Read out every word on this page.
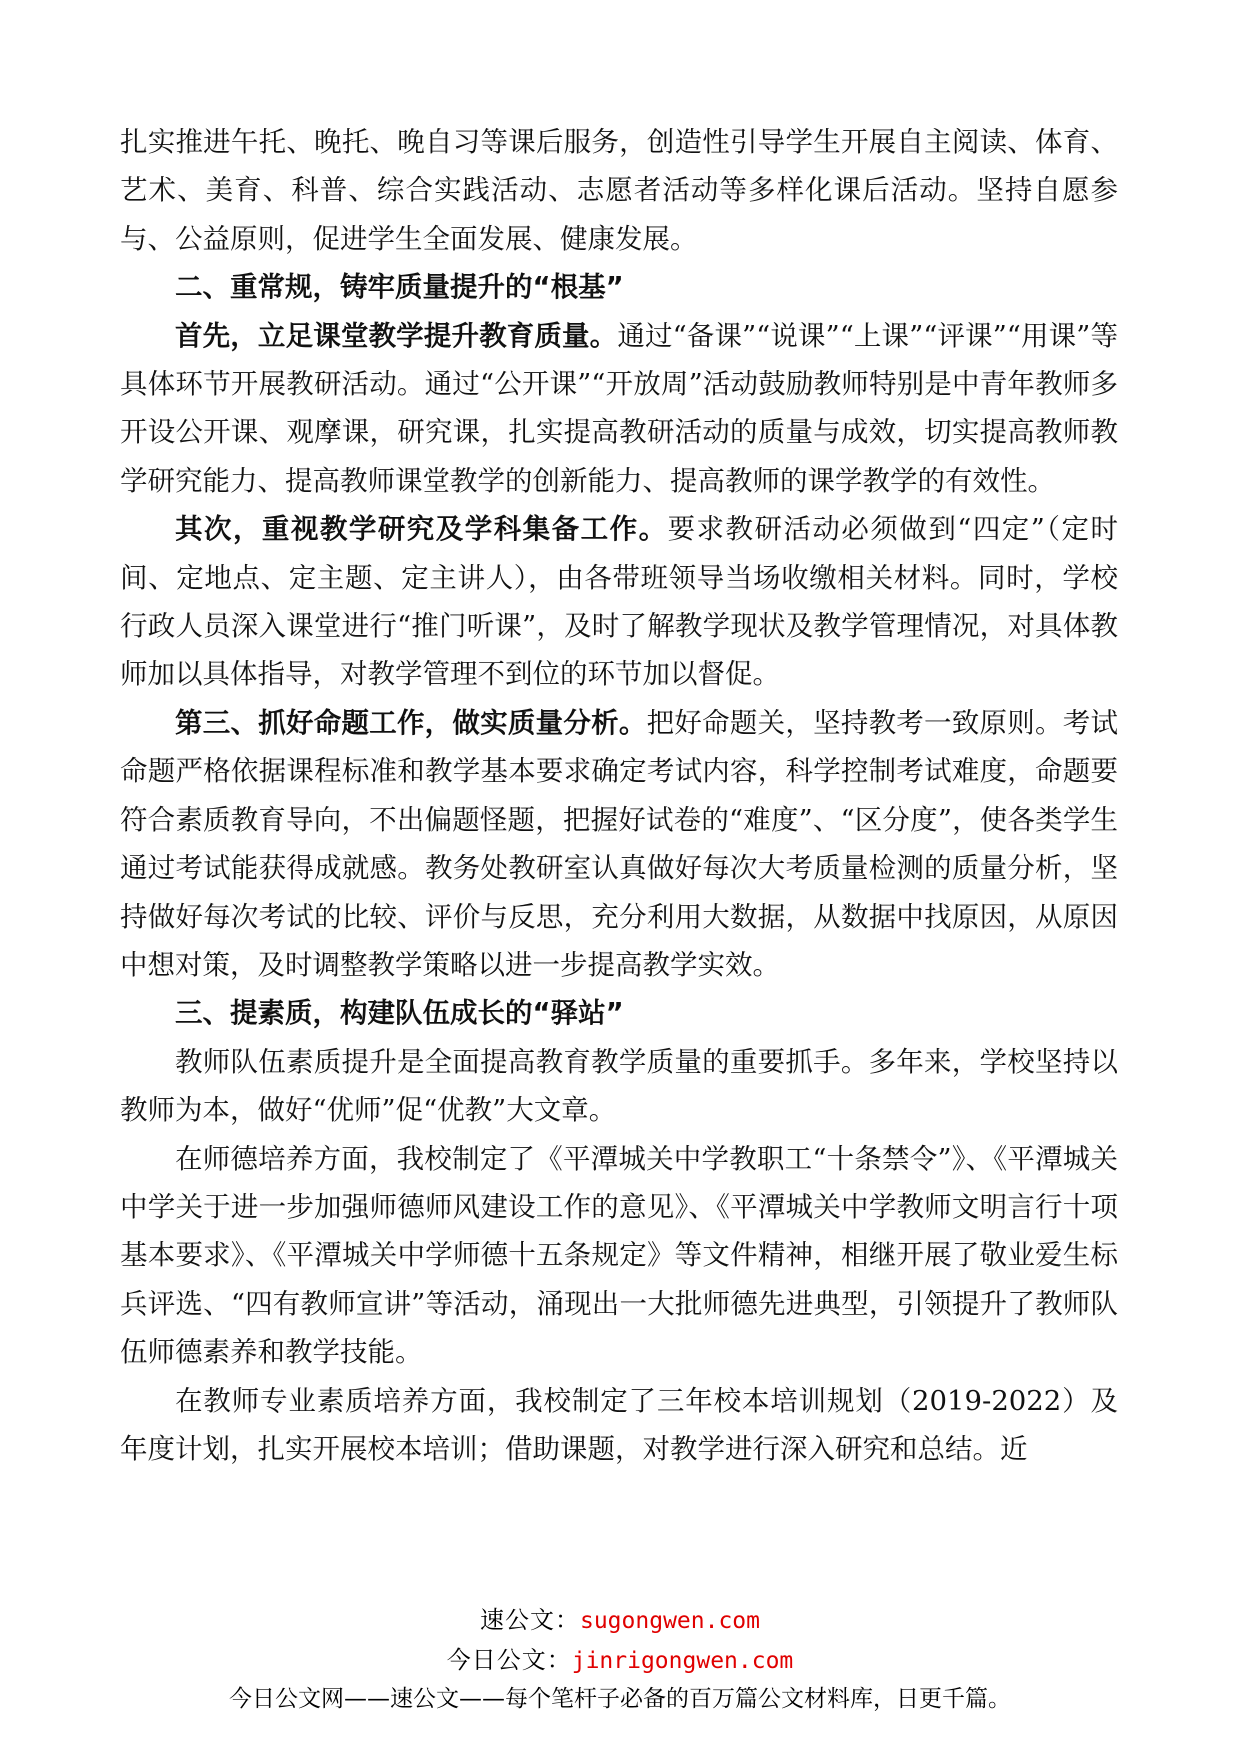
扎实推进午托、晚托、晚自习等课后服务，创造性引导学生开展自主阅读、体育、艺术、美育、科普、综合实践活动、志愿者活动等多样化课后活动。坚持自愿参与、公益原则，促进学生全面发展、健康发展。

二、重常规，铸牢质量提升的“根基”

首先，立足课堂教学提升教育质量。通过“备课”“说课”“上课”“评课”“用课”等具体环节开展教研活动。通过“公开课”“开放周”活动鼓励教师特别是中青年教师多开设公开课、观摩课，研究课，扎实提高教研活动的质量与成效，切实提高教师教学研究能力、提高教师课堂教学的创新能力、提高教师的课学教学的有效性。

其次，重视教学研究及学科集备工作。要求教研活动必须做到“四定”（定时间、定地点、定主题、定主讲人），由各带班领导当场收缴相关材料。同时，学校行政人员深入课堂进行“推门听课”，及时了解教学现状及教学管理情况，对具体教师加以具体指导，对教学管理不到位的环节加以督促。

第三、抓好命题工作，做实质量分析。把好命题关，坚持教考一致原则。考试命题严格依据课程标准和教学基本要求确定考试内容，科学控制考试难度，命题要符合素质教育导向，不出偏题怪题，把握好试卷的“难度”、“区分度”，使各类学生通过考试能获得成就感。教务处教研室认真做好每次大考质量检测的质量分析，坚持做好每次考试的比较、评价与反思，充分利用大数据，从数据中找原因，从原因中想对策，及时调整教学策略以进一步提高教学实效。

三、提素质，构建队伍成长的“驿站”

教师队伍素质提升是全面提高教育教学质量的重要抓手。多年来，学校坚持以教师为本，做好“优师”促“优教”大文章。

在师德培养方面，我校制定了《平潭城关中学教职工“十条禁令”》、《平潭城关中学关于进一步加强师德师风建设工作的意见》、《平潭城关中学教师文明言行十项基本要求》、《平潭城关中学师德十五条规定》等文件精神，相继开展了敬业爱生标兵评选、“四有教师宣讲”等活动，涌现出一大批师德先进典型，引领提升了教师队伍师德素养和教学技能。

在教师专业素质培养方面，我校制定了三年校本培训规划（2019-2022）及年度计划，扎实开展校本培训；借助课题，对教学进行深入研究和总结。近

速公文：sugongwen.com
今日公文：jinrigongwen.com
今日公文网——速公文——每个笔杆子必备的百万篇公文材料库，日更千篇。
